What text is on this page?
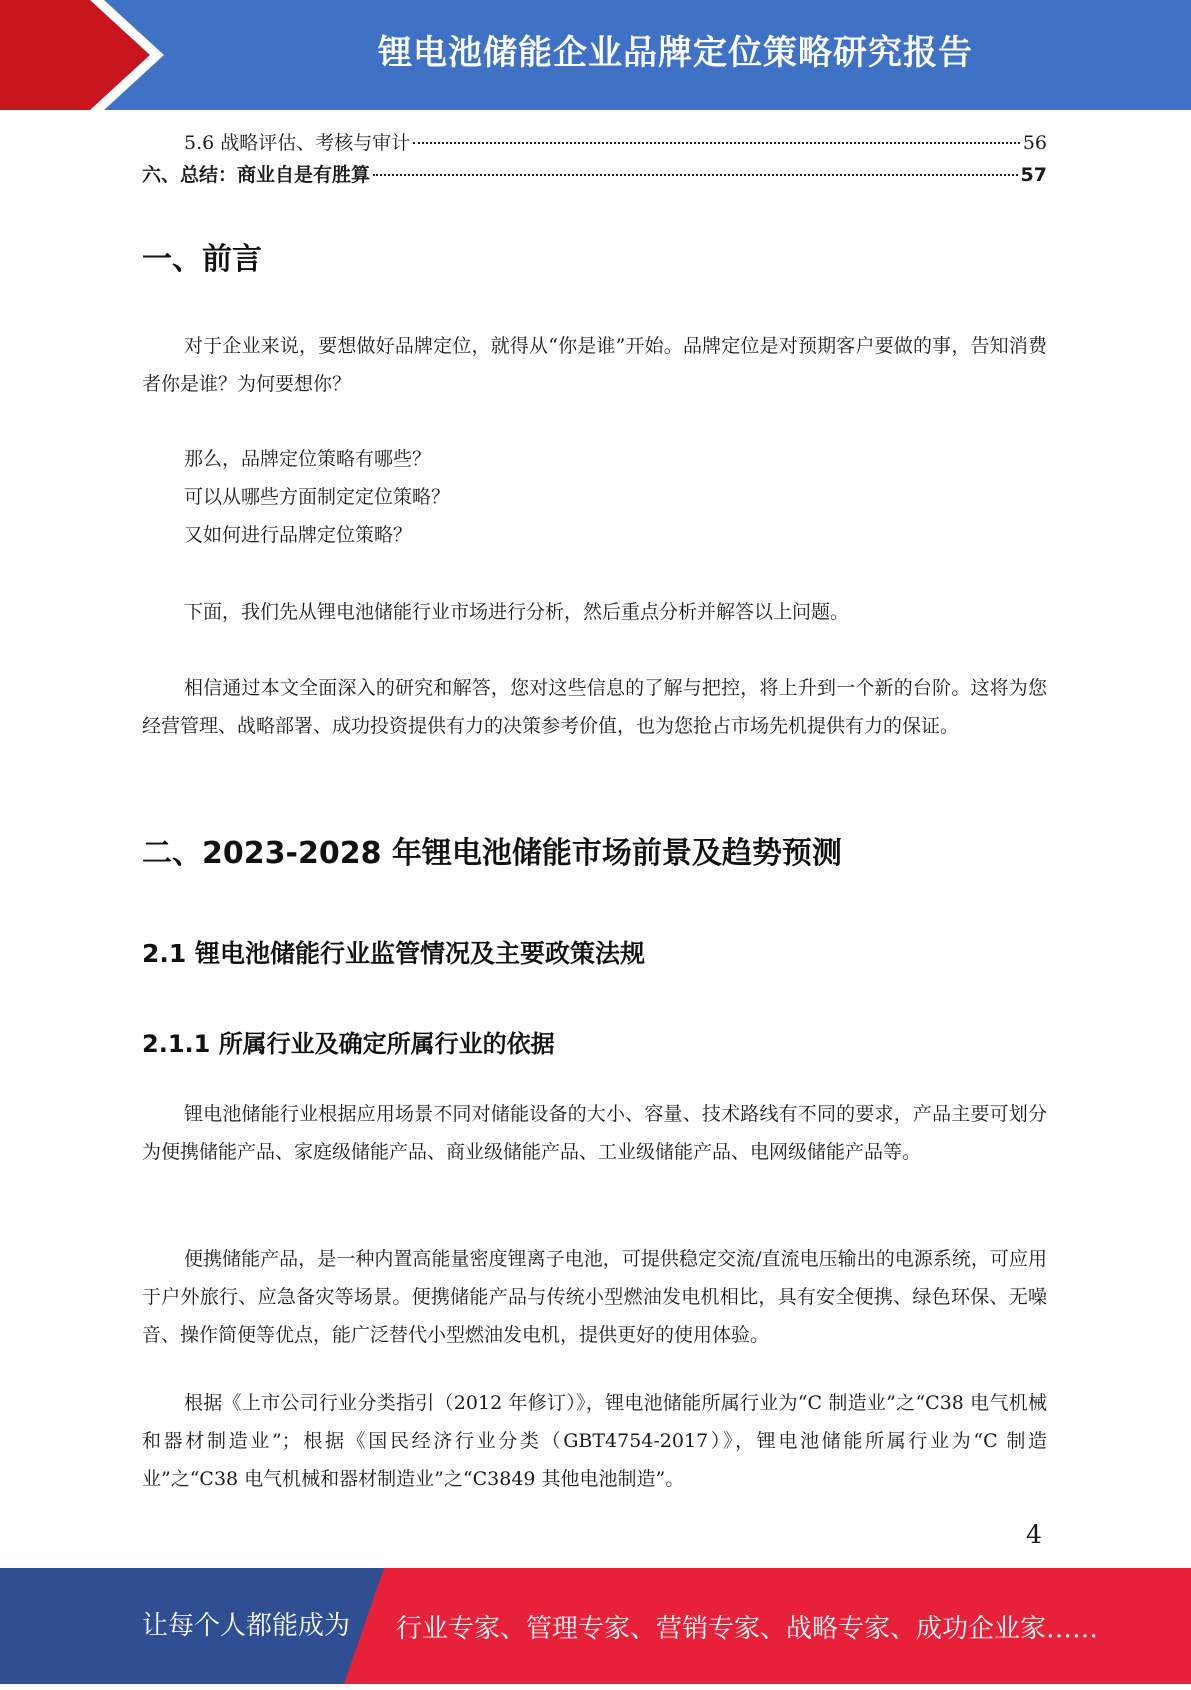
锂电池储能企业品牌定位策略研究报告
5.6 战略评估、考核与审计	56
六、总结：商业自是有胜算	57
一、前言
对于企业来说，要想做好品牌定位，就得从“你是谁”开始。品牌定位是对预期客户要做的事，告知消费者你是谁？为何要想你？
那么，品牌定位策略有哪些？
可以从哪些方面制定定位策略？
又如何进行品牌定位策略？
下面，我们先从锂电池储能行业市场进行分析，然后重点分析并解答以上问题。
相信通过本文全面深入的研究和解答，您对这些信息的了解与把控，将上升到一个新的台阶。这将为您经营管理、战略部署、成功投资提供有力的决策参考价值，也为您抢占市场先机提供有力的保证。
二、2023-2028 年锂电池储能市场前景及趋势预测
2.1 锂电池储能行业监管情况及主要政策法规
2.1.1 所属行业及确定所属行业的依据
锂电池储能行业根据应用场景不同对储能设备的大小、容量、技术路线有不同的要求，产品主要可划分为便携储能产品、家庭级储能产品、商业级储能产品、工业级储能产品、电网级储能产品等。
便携储能产品，是一种内置高能量密度锂离子电池，可提供稳定交流/直流电压输出的电源系统，可应用于户外旅行、应急备灾等场景。便携储能产品与传统小型燃油发电机相比，具有安全便携、绿色环保、无噪音、操作简便等优点，能广泛替代小型燃油发电机，提供更好的使用体验。
根据《上市公司行业分类指引（2012 年修订）》，锂电池储能所属行业为“C 制造业”之“C38 电气机械和器材制造业”；根据《国民经济行业分类（GBT4754-2017）》，锂电池储能所属行业为“C 制造业”之“C38 电气机械和器材制造业”之“C3849 其他电池制造”。
4
让每个人都能成为 行业专家、管理专家、营销专家、战略专家、成功企业家……
